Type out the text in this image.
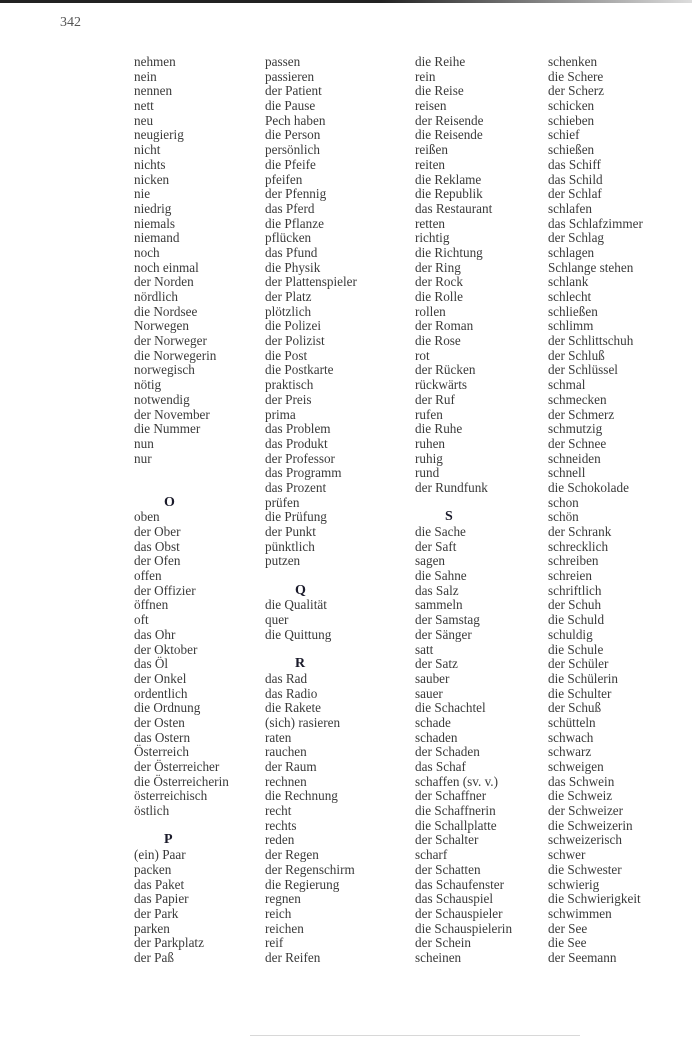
342
nehmen
nein
nennen
nett
neu
neugierig
nicht
nichts
nicken
nie
niedrig
niemals
niemand
noch
noch einmal
der Norden
nördlich
die Nordsee
Norwegen
der Norweger
die Norwegerin
norwegisch
nötig
notwendig
der November
die Nummer
nun
nur
O
oben
der Ober
das Obst
der Ofen
offen
der Offizier
öffnen
oft
das Ohr
der Oktober
das Öl
der Onkel
ordentlich
die Ordnung
der Osten
das Ostern
Österreich
der Österreicher
die Österreicherin
österreichisch
östlich
P
(ein) Paar
packen
das Paket
das Papier
der Park
parken
der Parkplatz
der Paß
passen
passieren
der Patient
die Pause
Pech haben
die Person
persönlich
die Pfeife
pfeifen
der Pfennig
das Pferd
die Pflanze
pflücken
das Pfund
die Physik
der Plattenspieler
der Platz
plötzlich
die Polizei
der Polizist
die Post
die Postkarte
praktisch
der Preis
prima
das Problem
das Produkt
der Professor
das Programm
das Prozent
prüfen
die Prüfung
der Punkt
pünktlich
putzen
Q
die Qualität
quer
die Quittung
R
das Rad
das Radio
die Rakete
(sich) rasieren
raten
rauchen
der Raum
rechnen
die Rechnung
recht
rechts
reden
der Regen
der Regenschirm
die Regierung
regnen
reich
reichen
reif
der Reifen
die Reihe
rein
die Reise
reisen
der Reisende
die Reisende
reißen
reiten
die Reklame
die Republik
das Restaurant
retten
richtig
die Richtung
der Ring
der Rock
die Rolle
rollen
der Roman
die Rose
rot
der Rücken
rückwärts
der Ruf
rufen
die Ruhe
ruhen
ruhig
rund
der Rundfunk
S
die Sache
der Saft
sagen
die Sahne
das Salz
sammeln
der Samstag
der Sänger
satt
der Satz
sauber
sauer
die Schachtel
schade
schaden
der Schaden
das Schaf
schaffen (sv. v.)
der Schaffner
die Schaffnerin
die Schallplatte
der Schalter
scharf
der Schatten
das Schaufenster
das Schauspiel
der Schauspieler
die Schauspielerin
der Schein
scheinen
schenken
die Schere
der Scherz
schicken
schieben
schief
schießen
das Schiff
das Schild
der Schlaf
schlafen
das Schlafzimmer
der Schlag
schlagen
Schlange stehen
schlank
schlecht
schließen
schlimm
der Schlittschuh
der Schluß
der Schlüssel
schmal
schmecken
der Schmerz
schmutzig
der Schnee
schneiden
schnell
die Schokolade
schon
schön
der Schrank
schrecklich
schreiben
schreien
schriftlich
der Schuh
die Schuld
schuldig
die Schule
der Schüler
die Schülerin
die Schulter
der Schuß
schütteln
schwach
schwarz
schweigen
das Schwein
die Schweiz
der Schweizer
die Schweizerin
schweizerisch
schwer
die Schwester
schwierig
die Schwierigkeit
schwimmen
der See
die See
der Seemann
